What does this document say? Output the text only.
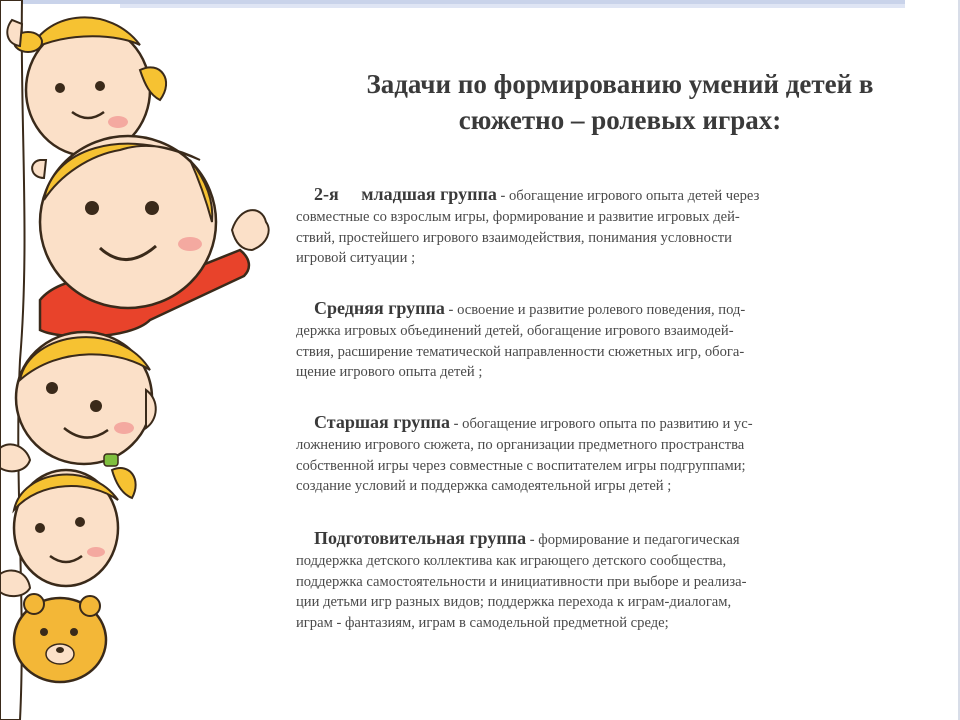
Задачи по формированию умений детей в
сюжетно – ролевых играх:
2-я     младшая группа - обогащение игрового опыта детей через
совместные со взрослым игры, формирование и развитие игровых дей-
ствий, простейшего игрового взаимодействия, понимания условности
игровой ситуации ;
Средняя группа - освоение и развитие ролевого поведения, под-
держка игровых объединений детей, обогащение игрового взаимодей-
ствия, расширение тематической направленности сюжетных игр, обога-
щение игрового опыта детей ;
Старшая группа - обогащение игрового опыта по развитию и ус-
ложнению игрового сюжета, по организации предметного пространства
собственной игры через совместные с воспитателем игры подгруппами;
создание условий и поддержка самодеятельной игры детей ;
Подготовительная группа - формирование и педагогическая
поддержка детского коллектива как играющего детского сообщества,
поддержка самостоятельности и инициативности при выборе и реализа-
ции детьми игр разных видов; поддержка перехода к играм-диалогам,
играм - фантазиям, играм в самодельной предметной среде;
